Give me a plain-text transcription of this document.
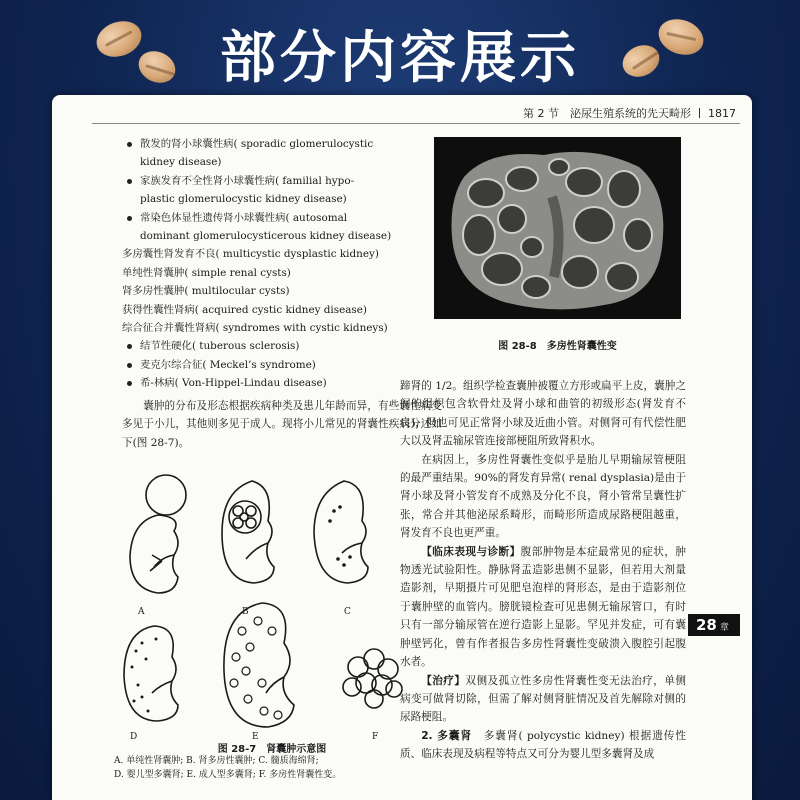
部分内容展示
第 2 节　泌尿生殖系统的先天畸形 1817
散发的肾小球囊性病( sporadic glomerulocystic
kidney disease)
家族发育不全性肾小球囊性病( familial hypo-
plastic glomerulocystic kidney disease)
常染色体显性遗传肾小球囊性病( autosomal
dominant glomerulocysticerous kidney disease)
多房囊性肾发育不良( multicystic dysplastic kidney)
单纯性肾囊肿( simple renal cysts)
肾多房性囊肿( multilocular cysts)
获得性囊性肾病( acquired cystic kidney disease)
综合征合并囊性肾病( syndromes with cystic kidneys)
结节性硬化( tuberous sclerosis)
麦克尔综合征( Meckel’s syndrome)
希-林病( Von-Hippel-Lindau disease)
囊肿的分布及形态根据疾病种类及患儿年龄而异，有些囊性病变多见于小儿，其他则多见于成人。现将小儿常见的肾囊性疾病分述如下(图 28-7)。
图 28-8　多房性肾囊性变
蹄肾的 1/2。组织学检查囊肿被覆立方形或扁平上皮，囊肿之间的组织包含软骨灶及肾小球和曲管的初级形态(肾发育不良)，但也可见正常肾小球及近曲小管。对侧肾可有代偿性肥大以及肾盂输尿管连接部梗阻所致肾积水。
在病因上，多房性肾囊性变似乎是胎儿早期输尿管梗阻的最严重结果。90%的肾发育异常( renal dysplasia)是由于肾小球及肾小管发育不成熟及分化不良，肾小管常呈囊性扩张，常合并其他泌尿系畸形，而畸形所造成尿路梗阻越重，肾发育不良也更严重。
【临床表现与诊断】腹部肿物是本症最常见的症状，肿物透光试验阳性。静脉肾盂造影患侧不显影，但若用大剂量造影剂，早期摄片可见肥皂泡样的肾形态，是由于造影剂位于囊肿壁的血管内。膀胱镜检查可见患侧无输尿管口，有时只有一部分输尿管在逆行造影上显影。罕见并发症，可有囊肿壁钙化，曾有作者报告多房性肾囊性变破溃入腹腔引起腹水者。
【治疗】双侧及孤立性多房性肾囊性变无法治疗，单侧病变可做肾切除，但需了解对侧肾脏情况及首先解除对侧的尿路梗阻。
2. 多囊肾　 多囊肾( polycystic kidney) 根据遗传性质、临床表现及病程等特点又可分为婴儿型多囊肾及成
A	B	C
D	E	F
图 28-7　肾囊肿示意图
A. 单纯性肾囊肿; B. 肾多房性囊肿; C. 髓质海绵肾;
D. 婴儿型多囊肾; E. 成人型多囊肾; F. 多房性肾囊性变。
28 章
